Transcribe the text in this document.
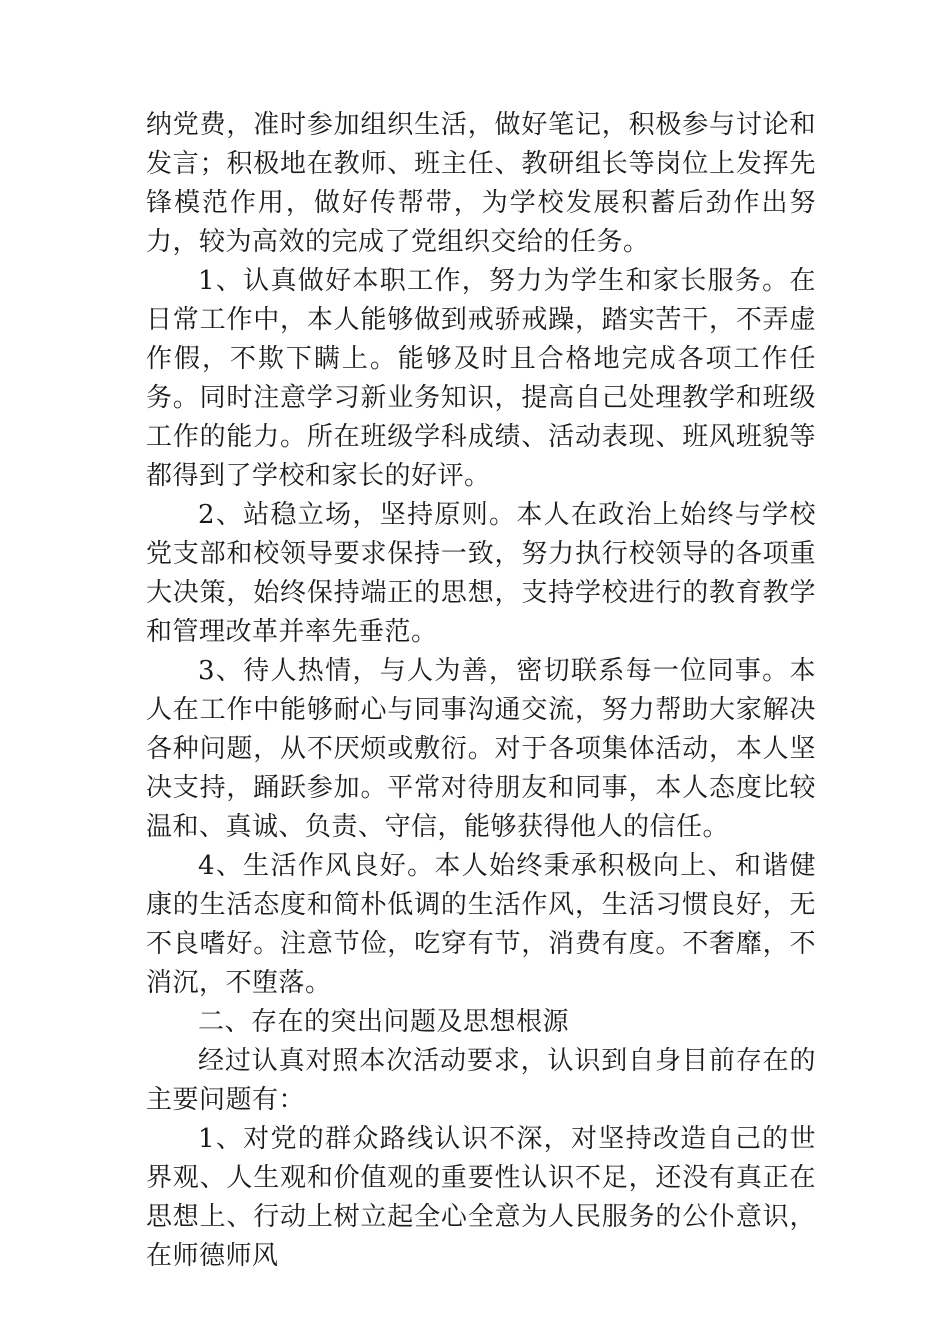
纳党费，准时参加组织生活，做好笔记，积极参与讨论和发言；积极地在教师、班主任、教研组长等岗位上发挥先锋模范作用，做好传帮带，为学校发展积蓄后劲作出努力，较为高效的完成了党组织交给的任务。

1、认真做好本职工作，努力为学生和家长服务。在日常工作中，本人能够做到戒骄戒躁，踏实苦干，不弄虚作假，不欺下瞒上。能够及时且合格地完成各项工作任务。同时注意学习新业务知识，提高自己处理教学和班级工作的能力。所在班级学科成绩、活动表现、班风班貌等都得到了学校和家长的好评。

2、站稳立场，坚持原则。本人在政治上始终与学校党支部和校领导要求保持一致，努力执行校领导的各项重大决策，始终保持端正的思想，支持学校进行的教育教学和管理改革并率先垂范。

3、待人热情，与人为善，密切联系每一位同事。本人在工作中能够耐心与同事沟通交流，努力帮助大家解决各种问题，从不厌烦或敷衍。对于各项集体活动，本人坚决支持，踊跃参加。平常对待朋友和同事，本人态度比较温和、真诚、负责、守信，能够获得他人的信任。

4、生活作风良好。本人始终秉承积极向上、和谐健康的生活态度和简朴低调的生活作风，生活习惯良好，无不良嗜好。注意节俭，吃穿有节，消费有度。不奢靡，不消沉，不堕落。

二、存在的突出问题及思想根源

经过认真对照本次活动要求，认识到自身目前存在的主要问题有：

1、对党的群众路线认识不深，对坚持改造自己的世界观、人生观和价值观的重要性认识不足，还没有真正在思想上、行动上树立起全心全意为人民服务的公仆意识，在师德师风
